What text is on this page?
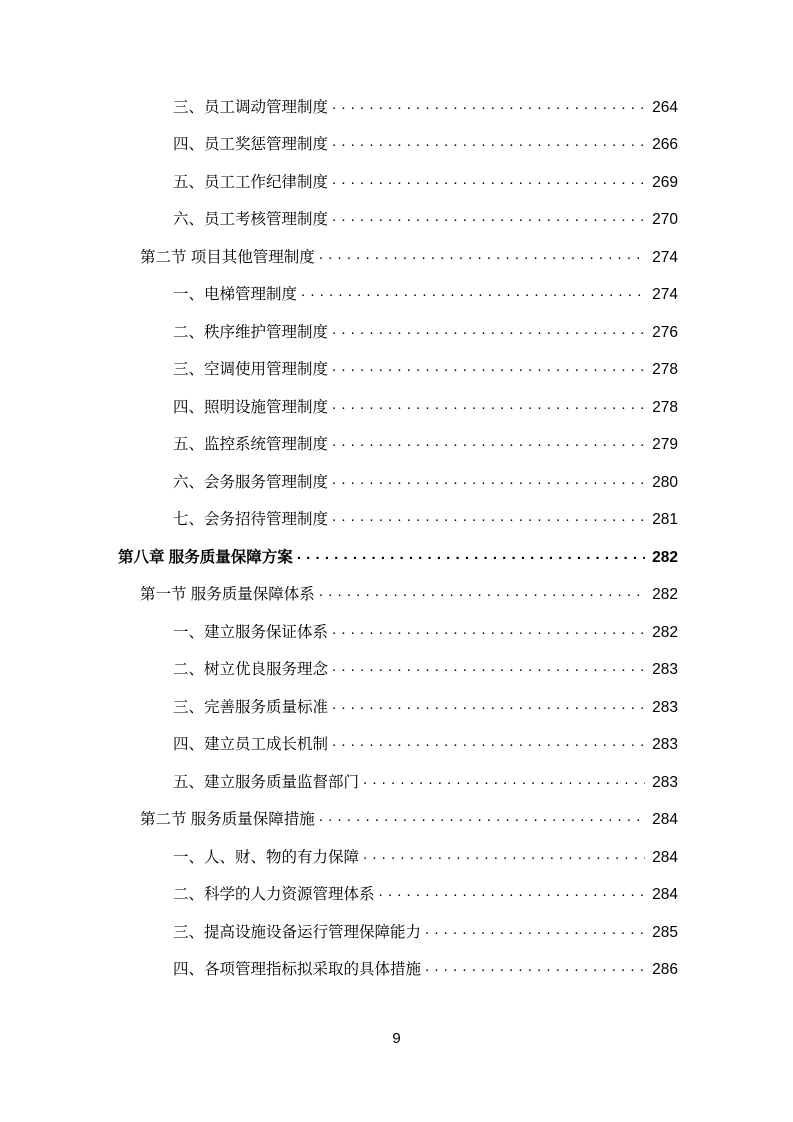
三、员工调动管理制度 . . .	264
四、员工奖惩管理制度 . . .	266
五、员工工作纪律制度 . . .	269
六、员工考核管理制度 . . .	270
第二节 项目其他管理制度 . . .	274
一、电梯管理制度 . . .	274
二、秩序维护管理制度 . . .	276
三、空调使用管理制度 . . .	278
四、照明设施管理制度 . . .	278
五、监控系统管理制度 . . .	279
六、会务服务管理制度 . . .	280
七、会务招待管理制度 . . .	281
第八章 服务质量保障方案 . . .	282
第一节 服务质量保障体系 . . .	282
一、建立服务保证体系 . . .	282
二、树立优良服务理念 . . .	283
三、完善服务质量标准 . . .	283
四、建立员工成长机制 . . .	283
五、建立服务质量监督部门 . . .	283
第二节 服务质量保障措施 . . .	284
一、人、财、物的有力保障 . . .	284
二、科学的人力资源管理体系 . . .	284
三、提高设施设备运行管理保障能力 . . .	285
四、各项管理指标拟采取的具体措施 . . .	286
9
